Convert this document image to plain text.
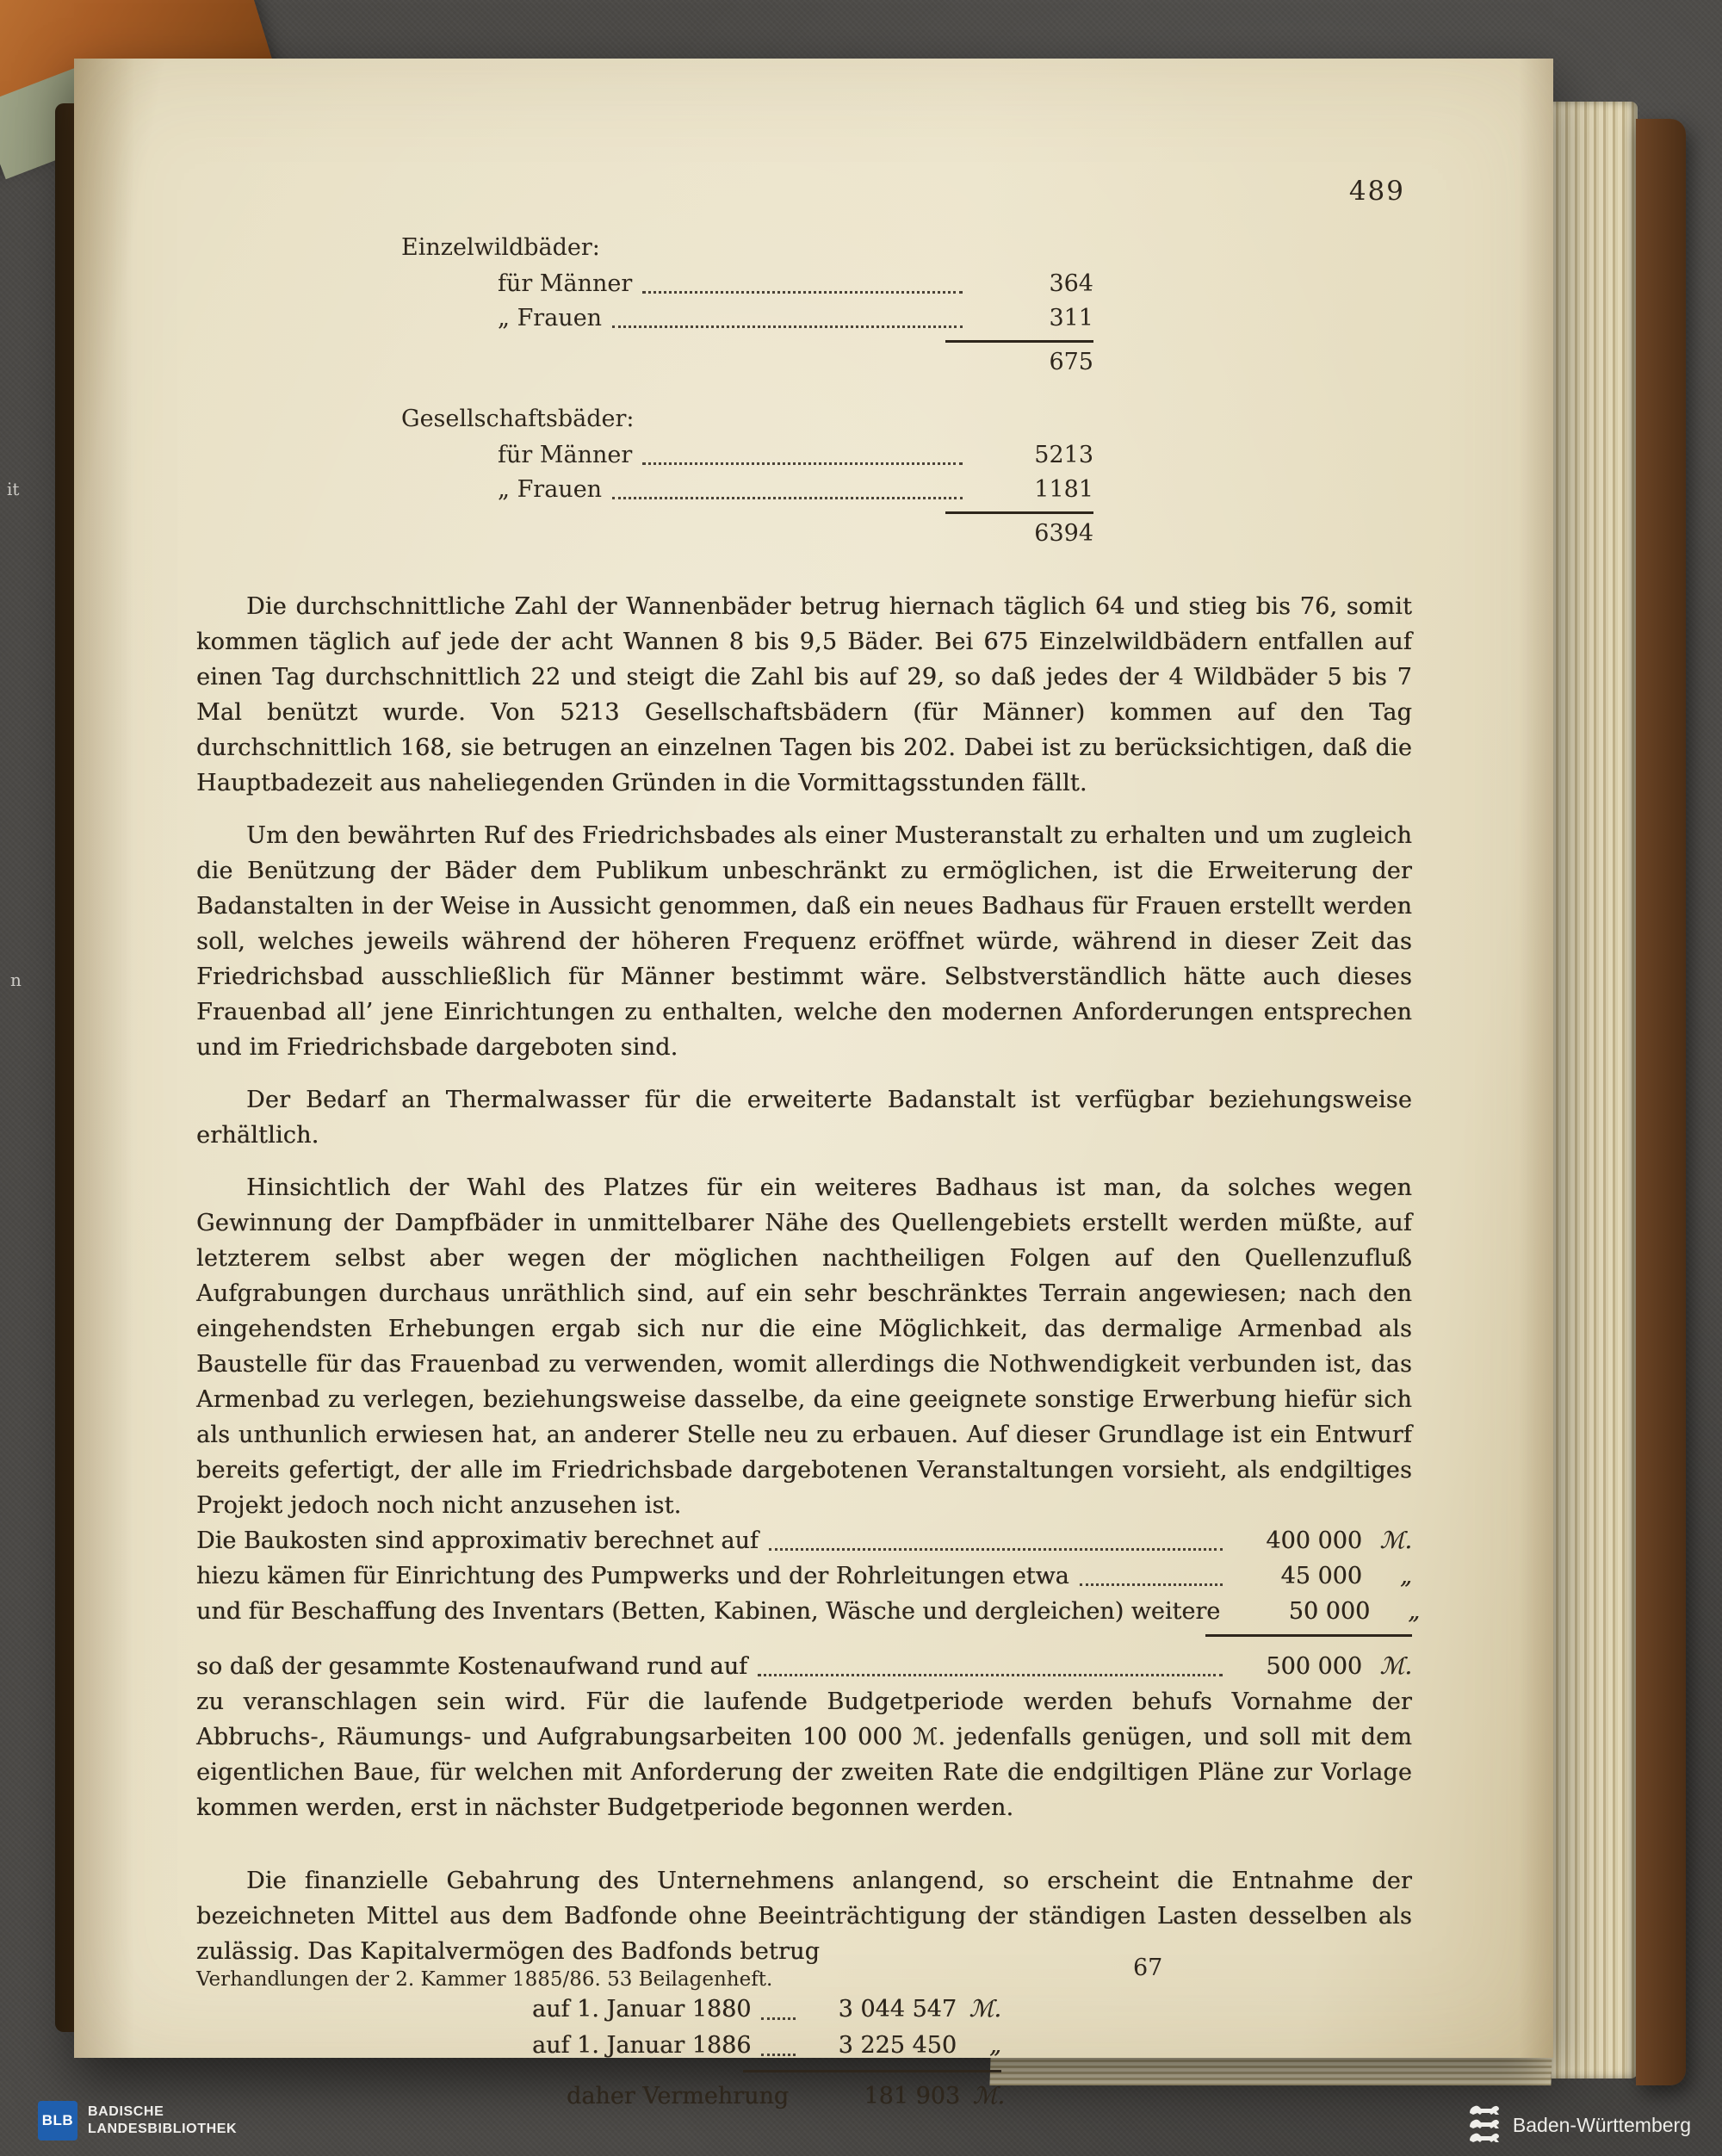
it
n
489
Einzelwildbäder:
für Männer	364
„ Frauen	311
675
Gesellschaftsbäder:
für Männer	5213
„ Frauen	1181
6394

Die durchschnittliche Zahl der Wannenbäder betrug hiernach täglich 64 und stieg bis 76, somit kommen täglich auf jede der acht Wannen 8 bis 9,5 Bäder. Bei 675 Einzelwildbädern entfallen auf einen Tag durchschnittlich 22 und steigt die Zahl bis auf 29, so daß jedes der 4 Wildbäder 5 bis 7 Mal benützt wurde. Von 5213 Gesellschaftsbädern (für Männer) kommen auf den Tag durchschnittlich 168, sie betrugen an einzelnen Tagen bis 202. Dabei ist zu berücksichtigen, daß die Hauptbadezeit aus naheliegenden Gründen in die Vormittagsstunden fällt.

Um den bewährten Ruf des Friedrichsbades als einer Musteranstalt zu erhalten und um zugleich die Benützung der Bäder dem Publikum unbeschränkt zu ermöglichen, ist die Erweiterung der Badanstalten in der Weise in Aussicht genommen, daß ein neues Badhaus für Frauen erstellt werden soll, welches jeweils während der höheren Frequenz eröffnet würde, während in dieser Zeit das Friedrichsbad ausschließlich für Männer bestimmt wäre. Selbstverständlich hätte auch dieses Frauenbad all’ jene Einrichtungen zu enthalten, welche den modernen Anforderungen entsprechen und im Friedrichsbade dargeboten sind.

Der Bedarf an Thermalwasser für die erweiterte Badanstalt ist verfügbar beziehungsweise erhältlich.

Hinsichtlich der Wahl des Platzes für ein weiteres Badhaus ist man, da solches wegen Gewinnung der Dampfbäder in unmittelbarer Nähe des Quellengebiets erstellt werden müßte, auf letzterem selbst aber wegen der möglichen nachtheiligen Folgen auf den Quellenzufluß Aufgrabungen durchaus unräthlich sind, auf ein sehr beschränktes Terrain angewiesen; nach den eingehendsten Erhebungen ergab sich nur die eine Möglichkeit, das dermalige Armenbad als Baustelle für das Frauenbad zu verwenden, womit allerdings die Nothwendigkeit verbunden ist, das Armenbad zu verlegen, beziehungsweise dasselbe, da eine geeignete sonstige Erwerbung hiefür sich als unthunlich erwiesen hat, an anderer Stelle neu zu erbauen. Auf dieser Grundlage ist ein Entwurf bereits gefertigt, der alle im Friedrichsbade dargebotenen Veranstaltungen vorsieht, als endgiltiges Projekt jedoch noch nicht anzusehen ist.

Die Baukosten sind approximativ berechnet auf	400 000 ℳ.
hiezu kämen für Einrichtung des Pumpwerks und der Rohrleitungen etwa	45 000	„
und für Beschaffung des Inventars (Betten, Kabinen, Wäsche und dergleichen) weitere	50 000	„
so daß der gesammte Kostenaufwand rund auf	500 000 ℳ.

zu veranschlagen sein wird. Für die laufende Budgetperiode werden behufs Vornahme der Abbruchs-, Räumungs- und Aufgrabungsarbeiten 100 000 ℳ. jedenfalls genügen, und soll mit dem eigentlichen Baue, für welchen mit Anforderung der zweiten Rate die endgiltigen Pläne zur Vorlage kommen werden, erst in nächster Budgetperiode begonnen werden.

Die finanzielle Gebahrung des Unternehmens anlangend, so erscheint die Entnahme der bezeichneten Mittel aus dem Badfonde ohne Beeinträchtigung der ständigen Lasten desselben als zulässig. Das Kapitalvermögen des Badfonds betrug

auf 1. Januar 1880	3 044 547 ℳ.
auf 1. Januar 1886	3 225 450	„
daher Vermehrung	181 903 ℳ.
Verhandlungen der 2. Kammer 1885/86. 53 Beilagenheft.	67
BLB
BADISCHE
LANDESBIBLIOTHEK	Baden-Württemberg
